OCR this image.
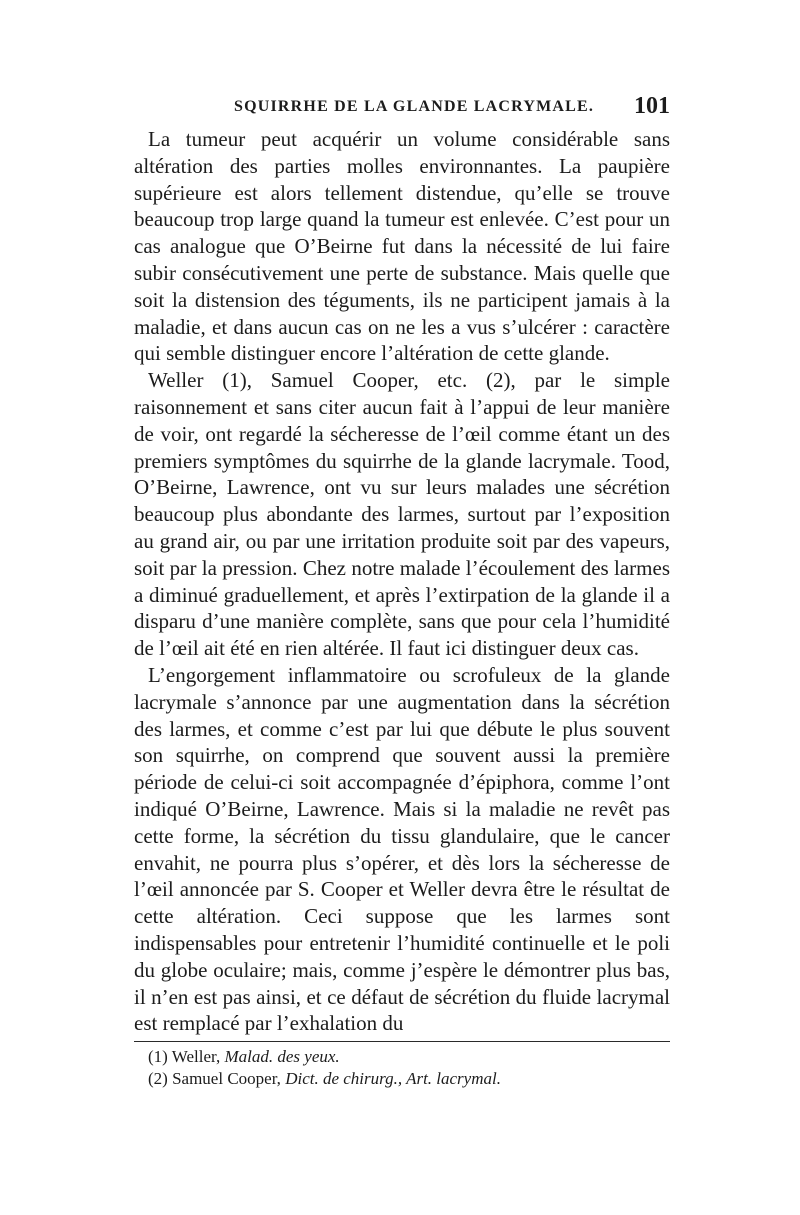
SQUIRRHE DE LA GLANDE LACRYMALE. 101

La tumeur peut acquérir un volume considérable sans altération des parties molles environnantes. La paupière supérieure est alors tellement distendue, qu’elle se trouve beaucoup trop large quand la tumeur est enlevée. C’est pour un cas analogue que O’Beirne fut dans la nécessité de lui faire subir consécutivement une perte de substance. Mais quelle que soit la distension des téguments, ils ne participent jamais à la maladie, et dans aucun cas on ne les a vus s’ulcérer : caractère qui semble distinguer encore l’altération de cette glande.

Weller (1), Samuel Cooper, etc. (2), par le simple raisonnement et sans citer aucun fait à l’appui de leur manière de voir, ont regardé la sécheresse de l’œil comme étant un des premiers symptômes du squirrhe de la glande lacrymale. Tood, O’Beirne, Lawrence, ont vu sur leurs malades une sécrétion beaucoup plus abondante des larmes, surtout par l’exposition au grand air, ou par une irritation produite soit par des vapeurs, soit par la pression. Chez notre malade l’écoulement des larmes a diminué graduellement, et après l’extirpation de la glande il a disparu d’une manière complète, sans que pour cela l’humidité de l’œil ait été en rien altérée. Il faut ici distinguer deux cas.

L’engorgement inflammatoire ou scrofuleux de la glande lacrymale s’annonce par une augmentation dans la sécrétion des larmes, et comme c’est par lui que débute le plus souvent son squirrhe, on comprend que souvent aussi la première période de celui-ci soit accompagnée d’épiphora, comme l’ont indiqué O’Beirne, Lawrence. Mais si la maladie ne revêt pas cette forme, la sécrétion du tissu glandulaire, que le cancer envahit, ne pourra plus s’opérer, et dès lors la sécheresse de l’œil annoncée par S. Cooper et Weller devra être le résultat de cette altération. Ceci suppose que les larmes sont indispensables pour entretenir l’humidité continuelle et le poli du globe oculaire; mais, comme j’espère le démontrer plus bas, il n’en est pas ainsi, et ce défaut de sécrétion du fluide lacrymal est remplacé par l’exhalation du

(1) Weller, Malad. des yeux.
(2) Samuel Cooper, Dict. de chirurg., Art. lacrymal.
